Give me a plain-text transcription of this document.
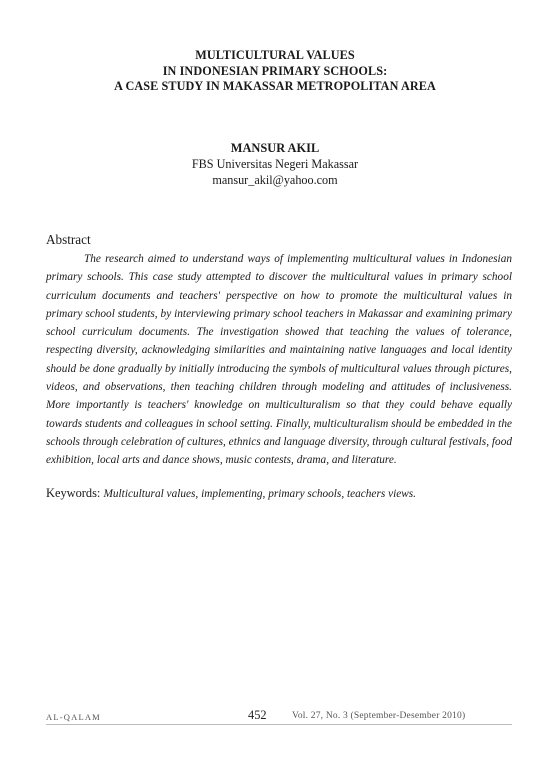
MULTICULTURAL VALUES
IN INDONESIAN PRIMARY SCHOOLS:
A CASE STUDY IN MAKASSAR METROPOLITAN AREA
MANSUR AKIL
FBS Universitas Negeri Makassar
mansur_akil@yahoo.com
Abstract
The research aimed to understand ways of implementing multicultural values in Indonesian primary schools. This case study attempted to discover the multicultural values in primary school curriculum documents and teachers' perspective on how to promote the multicultural values in primary school students, by interviewing primary school teachers in Makassar and examining primary school curriculum documents. The investigation showed that teaching the values of tolerance, respecting diversity, acknowledging similarities and maintaining native languages and local identity should be done gradually by initially introducing the symbols of multicultural values through pictures, videos, and observations, then teaching children through modeling and attitudes of inclusiveness. More importantly is teachers' knowledge on multiculturalism so that they could behave equally towards students and colleagues in school setting. Finally, multiculturalism should be embedded in the schools through celebration of cultures, ethnics and language diversity, through cultural festivals, food exhibition, local arts and dance shows, music contests, drama, and literature.
Keywords: Multicultural values, implementing, primary schools, teachers views.
AL-QALAM	452	Vol. 27, No. 3 (September-Desember 2010)
